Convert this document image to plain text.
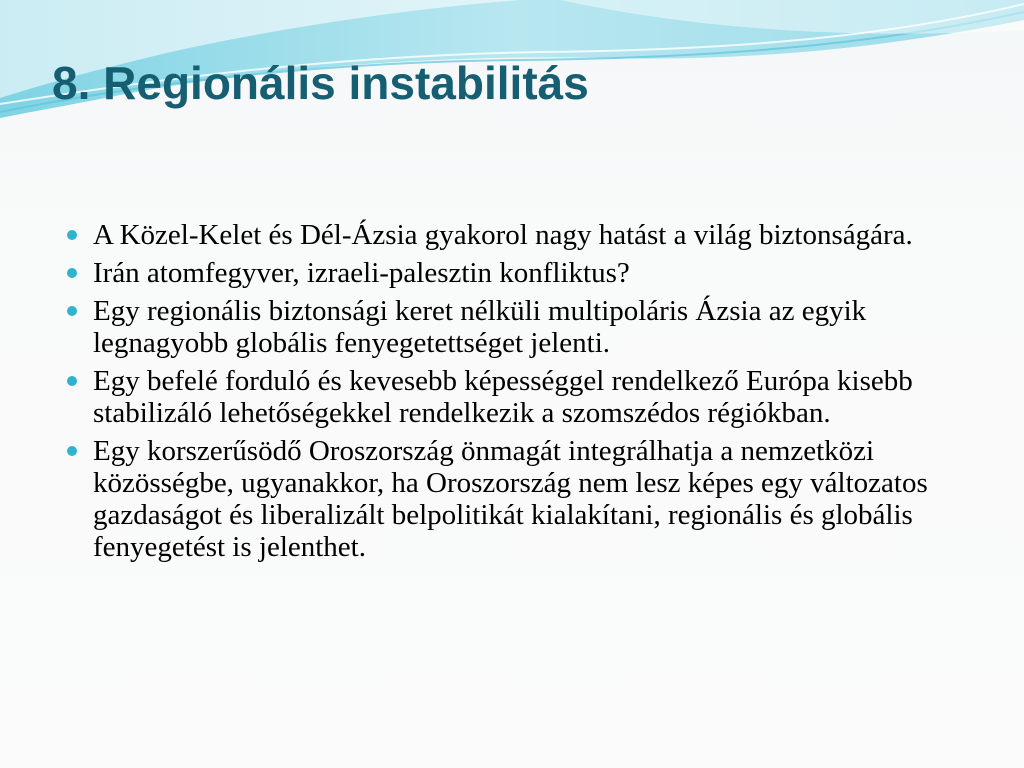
8. Regionális instabilitás
A Közel-Kelet és Dél-Ázsia gyakorol nagy hatást a világ biztonságára.
Irán atomfegyver, izraeli-palesztin konfliktus?
Egy regionális biztonsági keret nélküli multipoláris Ázsia az egyik legnagyobb globális fenyegetettséget jelenti.
Egy befelé forduló és kevesebb képességgel rendelkező Európa kisebb stabilizáló lehetőségekkel rendelkezik a szomszédos régiókban.
Egy korszerűsödő Oroszország önmagát integrálhatja a nemzetközi közösségbe, ugyanakkor, ha Oroszország nem lesz képes egy változatos gazdaságot és liberalizált belpolitikát kialakítani, regionális és globális fenyegetést is jelenthet.
